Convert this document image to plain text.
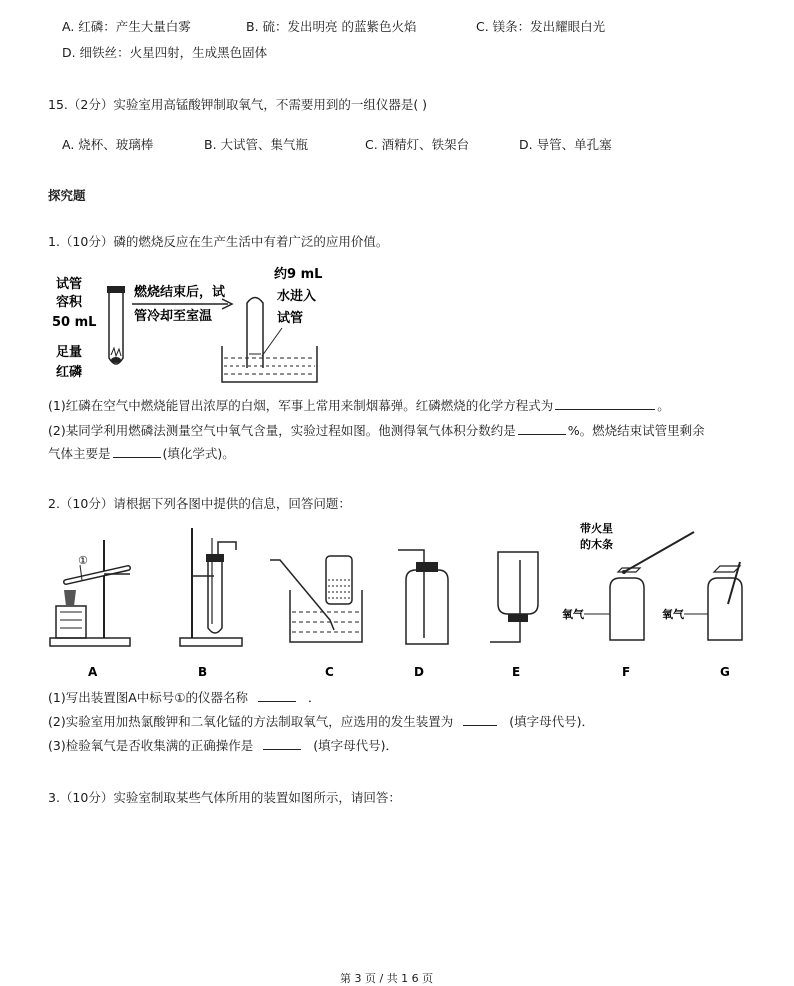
A. 红磷：产生大量白雾	B. 硫：发出明亮 的蓝紫色火焰	C. 镁条：发出耀眼白光
D. 细铁丝：火星四射，生成黑色固体
15.（2分）实验室用高锰酸钾制取氧气，不需要用到的一组仪器是( )
A. 烧杯、玻璃棒	B. 大试管、集气瓶	C. 酒精灯、铁架台	D. 导管、单孔塞
探究题
1.（10分）磷的燃烧反应在生产生活中有着广泛的应用价值。
试管
容积
50 mL
足量
红磷
燃烧结束后，试
管冷却至室温
约9 mL
水进入
试管
(1)红磷在空气中燃烧能冒出浓厚的白烟，军事上常用来制烟幕弹。红磷燃烧的化学方程式为	。
(2)某同学利用燃磷法测量空气中氧气含量，实验过程如图。他测得氧气体积分数约是	%。燃烧结束试管里剩余
气体主要是	(填化学式)。
2.（10分）请根据下列各图中提供的信息，回答问题：
①
带火星
的木条
氧气	氧气
A	B	C	D	E	F	G
(1)写出装置图A中标号①的仪器名称	．
(2)实验室用加热氯酸钾和二氧化锰的方法制取氧气，应选用的发生装置为	(填字母代号)．
(3)检验氧气是否收集满的正确操作是	(填字母代号)．
3.（10分）实验室制取某些气体所用的装置如图所示，请回答：
第 3 页 / 共 1 6 页
